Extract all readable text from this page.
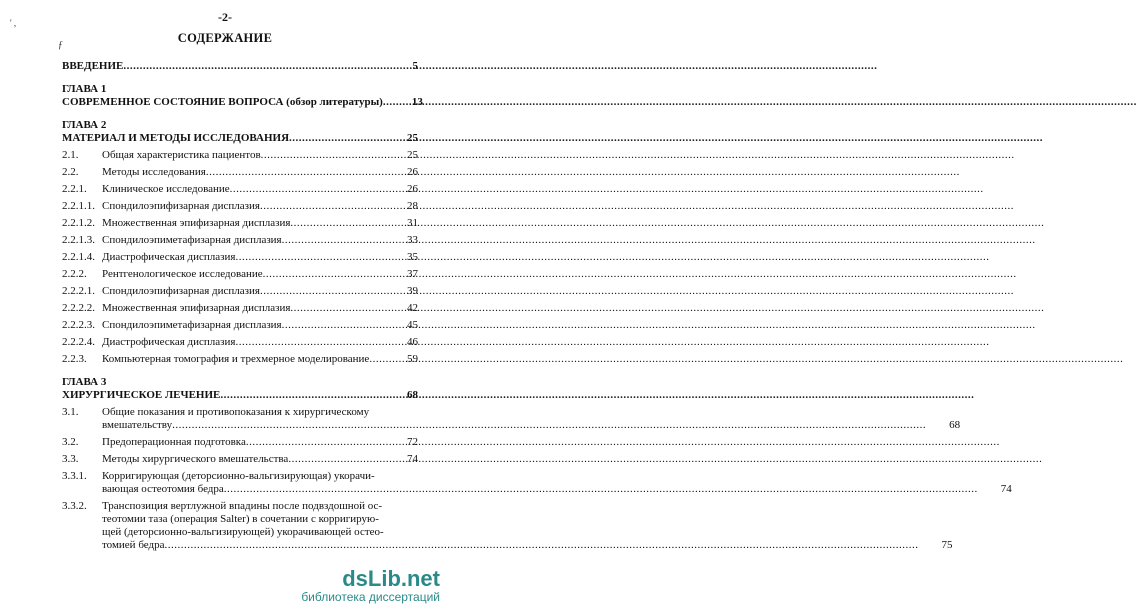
' ,
ƒ
-2-
СОДЕРЖАНИЕ
ВВЕДЕНИЕ .....	5
ГЛАВА 1
СОВРЕМЕННОЕ СОСТОЯНИЕ ВОПРОСА (обзор литературы) .....	13
ГЛАВА 2
МАТЕРИАЛ И МЕТОДЫ ИССЛЕДОВАНИЯ .....	25
2.1.	Общая характеристика пациентов .....	25
2.2.	Методы исследования .....	26
2.2.1.	Клиническое исследование .....	26
2.2.1.1. Спондилоэпифизарная дисплазия .....	28
2.2.1.2. Множественная эпифизарная дисплазия .....	31
2.2.1.3. Спондилоэпиметафизарная дисплазия .....	33
2.2.1.4. Диастрофическая дисплазия .....	35
2.2.2.	Рентгенологическое исследование .....	37
2.2.2.1. Спондилоэпифизарная дисплазия .....	39
2.2.2.2. Множественная эпифизарная дисплазия .....	42
2.2.2.3. Спондилоэпиметафизарная дисплазия .....	45
2.2.2.4. Диастрофическая дисплазия .....	46
2.2.3.	Компьютерная томография и трехмерное моделирование .....	59
ГЛАВА 3
ХИРУРГИЧЕСКОЕ ЛЕЧЕНИЕ .....	68
3.1.	Общие показания и противопоказания к хирургическому
вмешательству .....	68
3.2.	Предоперационная подготовка .....	72
3.3.	Методы хирургического вмешательства .....	74
3.3.1.	Корригирующая (деторсионно-вальгизирующая) укорачи-
вающая остеотомия бедра .....	74
3.3.2.	Транспозиция вертлужной впадины после подвздошной ос-
теотомии таза (операция Salter) в сочетании с корригирую-
щей (деторсионно-вальгизирующей) укорачивающей остео-
томией бедра .....	75
dsLib.net
библиотека диссертаций
